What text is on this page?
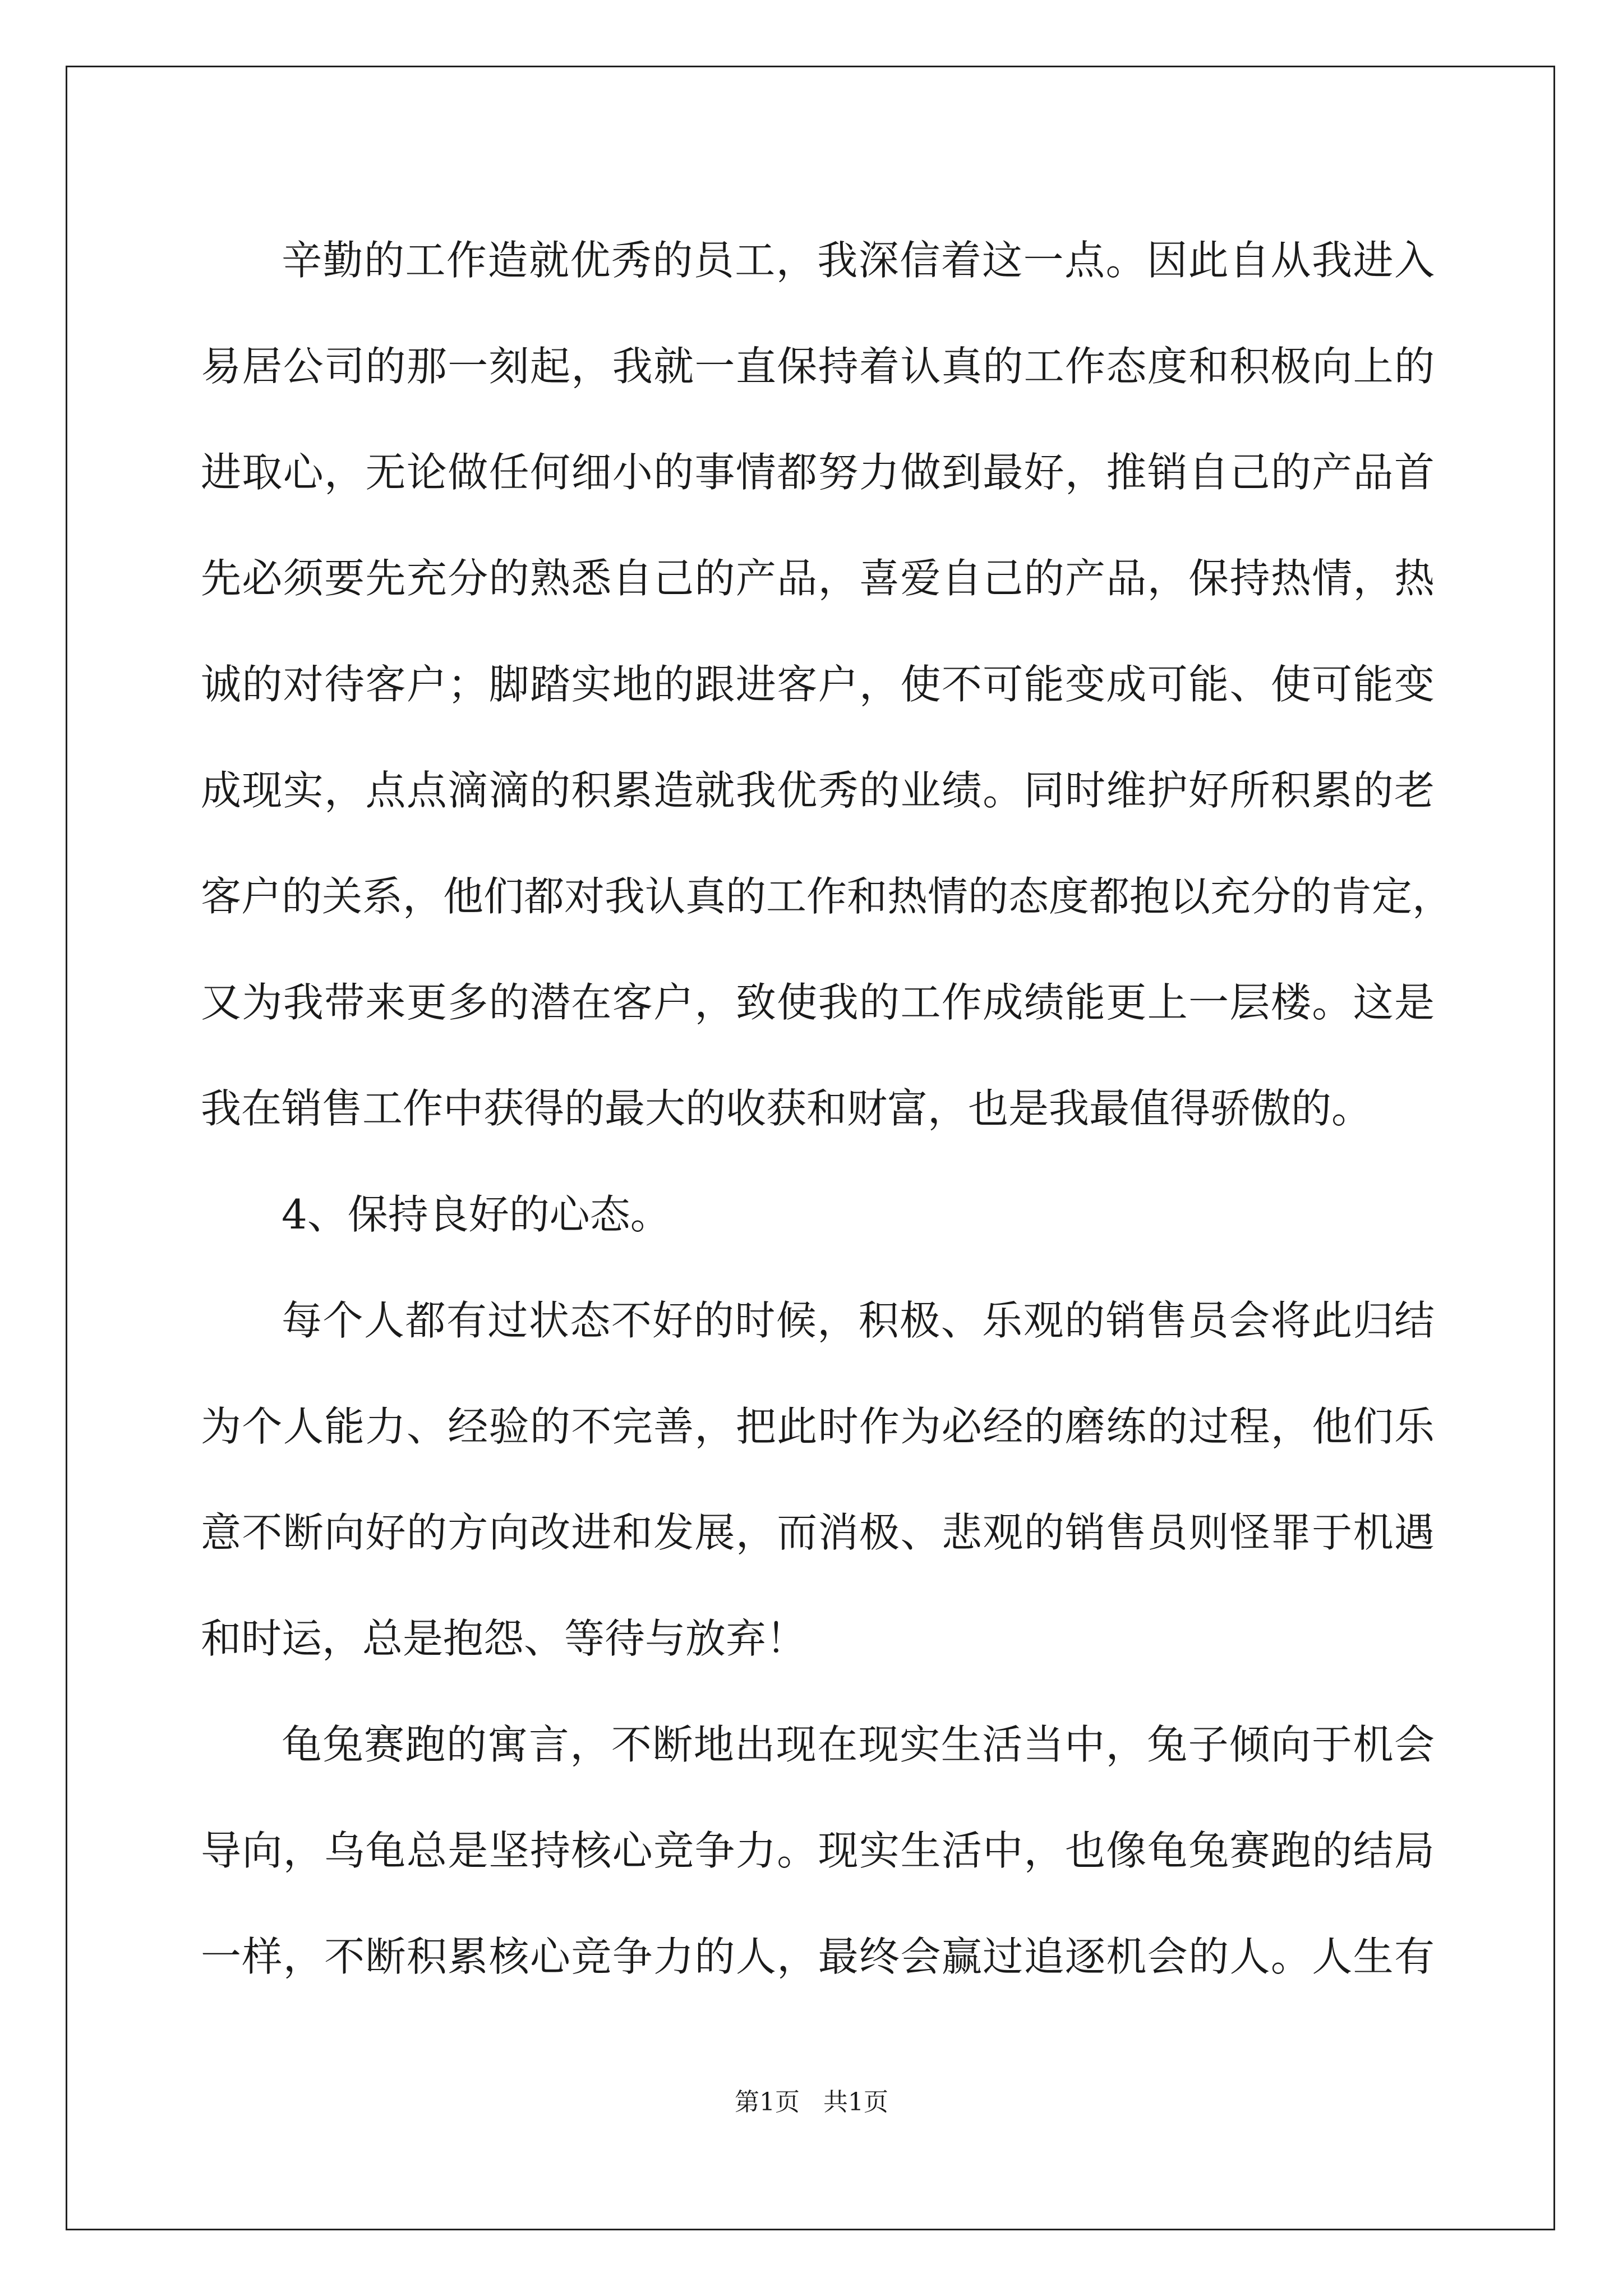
辛勤的工作造就优秀的员工，我深信着这一点。因此自从我进入
易居公司的那一刻起，我就一直保持着认真的工作态度和积极向上的
进取心，无论做任何细小的事情都努力做到最好，推销自己的产品首
先必须要先充分的熟悉自己的产品，喜爱自己的产品，保持热情，热
诚的对待客户；脚踏实地的跟进客户，使不可能变成可能、使可能变
成现实，点点滴滴的积累造就我优秀的业绩。同时维护好所积累的老
客户的关系，他们都对我认真的工作和热情的态度都抱以充分的肯定，
又为我带来更多的潜在客户，致使我的工作成绩能更上一层楼。这是
我在销售工作中获得的最大的收获和财富，也是我最值得骄傲的。
4、保持良好的心态。
每个人都有过状态不好的时候，积极、乐观的销售员会将此归结
为个人能力、经验的不完善，把此时作为必经的磨练的过程，他们乐
意不断向好的方向改进和发展，而消极、悲观的销售员则怪罪于机遇
和时运，总是抱怨、等待与放弃！
龟兔赛跑的寓言，不断地出现在现实生活当中，兔子倾向于机会
导向，乌龟总是坚持核心竞争力。现实生活中，也像龟兔赛跑的结局
一样，不断积累核心竞争力的人，最终会赢过追逐机会的人。人生有
第1页   共1页
